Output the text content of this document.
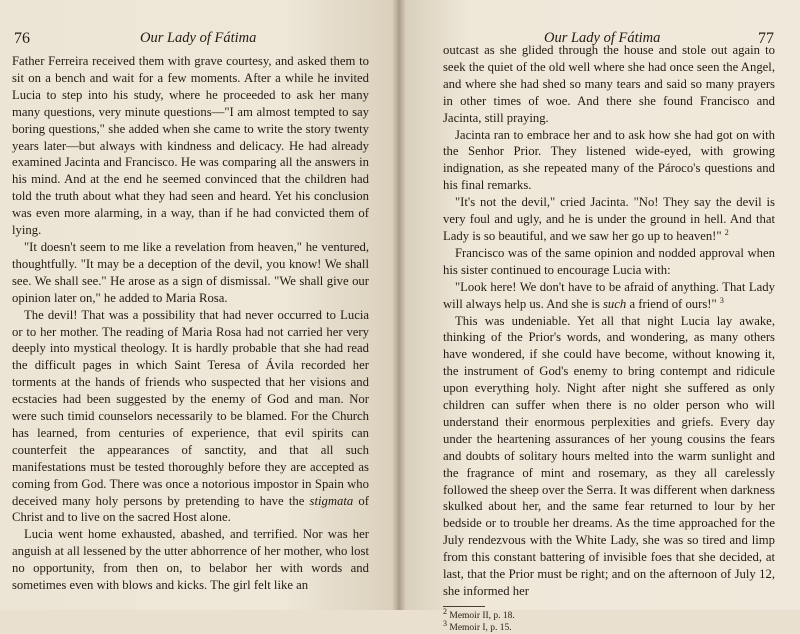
76	Our Lady of Fátima

Father Ferreira received them with grave courtesy, and asked them to sit on a bench and wait for a few moments. After a while he invited Lucia to step into his study, where he proceeded to ask her many many questions, very minute questions—"I am almost tempted to say boring questions," she added when she came to write the story twenty years later—but always with kindness and delicacy. He had already examined Jacinta and Francisco. He was comparing all the answers in his mind. And at the end he seemed convinced that the children had told the truth about what they had seen and heard. Yet his conclusion was even more alarming, in a way, than if he had convicted them of lying.

"It doesn't seem to me like a revelation from heaven," he ventured, thoughtfully. "It may be a deception of the devil, you know! We shall see. We shall see." He arose as a sign of dismissal. "We shall give our opinion later on," he added to Maria Rosa.

The devil! That was a possibility that had never occurred to Lucia or to her mother. The reading of Maria Rosa had not carried her very deeply into mystical theology. It is hardly probable that she had read the difficult pages in which Saint Teresa of Ávila recorded her torments at the hands of friends who suspected that her visions and ecstacies had been suggested by the enemy of God and man. Nor were such timid counselors necessarily to be blamed. For the Church has learned, from centuries of experience, that evil spirits can counterfeit the appearances of sanctity, and that all such manifestations must be tested thoroughly before they are accepted as coming from God. There was once a notorious impostor in Spain who deceived many holy persons by pretending to have the stigmata of Christ and to live on the sacred Host alone.

Lucia went home exhausted, abashed, and terrified. Nor was her anguish at all lessened by the utter abhorrence of her mother, who lost no opportunity, from then on, to belabor her with words and sometimes even with blows and kicks. The girl felt like an

Our Lady of Fátima	77

outcast as she glided through the house and stole out again to seek the quiet of the old well where she had once seen the Angel, and where she had shed so many tears and said so many prayers in other times of woe. And there she found Francisco and Jacinta, still praying.

Jacinta ran to embrace her and to ask how she had got on with the Senhor Prior. They listened wide-eyed, with growing indignation, as she repeated many of the Pároco's questions and his final remarks.

"It's not the devil," cried Jacinta. "No! They say the devil is very foul and ugly, and he is under the ground in hell. And that Lady is so beautiful, and we saw her go up to heaven!" $^2$

Francisco was of the same opinion and nodded approval when his sister continued to encourage Lucia with:

"Look here! We don't have to be afraid of anything. That Lady will always help us. And she is such a friend of ours!" $^3$

This was undeniable. Yet all that night Lucia lay awake, thinking of the Prior's words, and wondering, as many others have wondered, if she could have become, without knowing it, the instrument of God's enemy to bring contempt and ridicule upon everything holy. Night after night she suffered as only children can suffer when there is no older person who will understand their enormous perplexities and griefs. Every day under the heartening assurances of her young cousins the fears and doubts of solitary hours melted into the warm sunlight and the fragrance of mint and rosemary, as they all carelessly followed the sheep over the Serra. It was different when darkness skulked about her, and the same fear returned to lour by her bedside or to trouble her dreams. As the time approached for the July rendezvous with the White Lady, she was so tired and limp from this constant battering of invisible foes that she decided, at last, that the Prior must be right; and on the afternoon of July 12, she informed her

$^2$ Memoir II, p. 18.
$^3$ Memoir I, p. 15.
